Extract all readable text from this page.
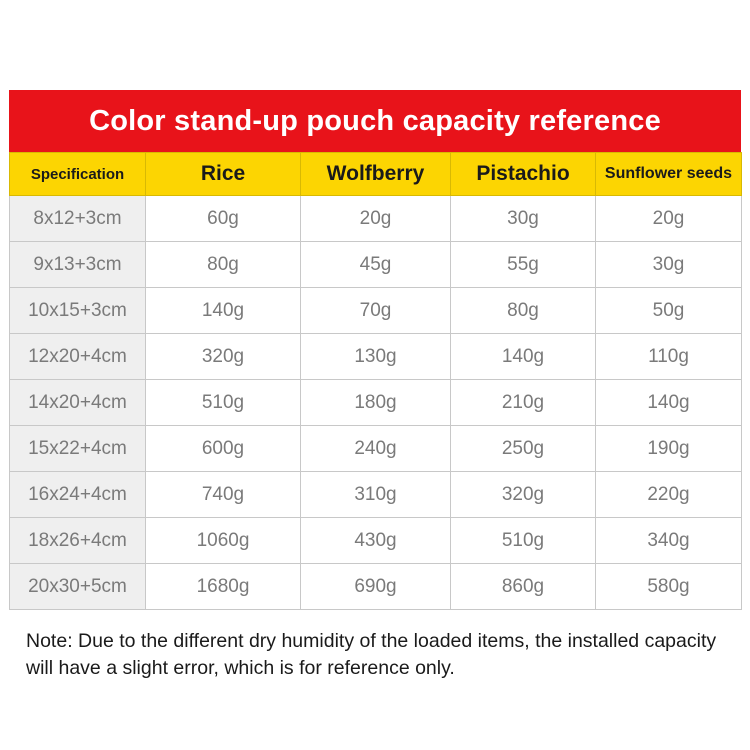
Color stand-up pouch capacity reference
Specification	Rice	Wolfberry	Pistachio	Sunflower seeds
8x12+3cm	60g	20g	30g	20g
9x13+3cm	80g	45g	55g	30g
10x15+3cm	140g	70g	80g	50g
12x20+4cm	320g	130g	140g	110g
14x20+4cm	510g	180g	210g	140g
15x22+4cm	600g	240g	250g	190g
16x24+4cm	740g	310g	320g	220g
18x26+4cm	1060g	430g	510g	340g
20x30+5cm	1680g	690g	860g	580g
Note: Due to the different dry humidity of the loaded items, the installed capacity will have a slight error, which is for reference only.
